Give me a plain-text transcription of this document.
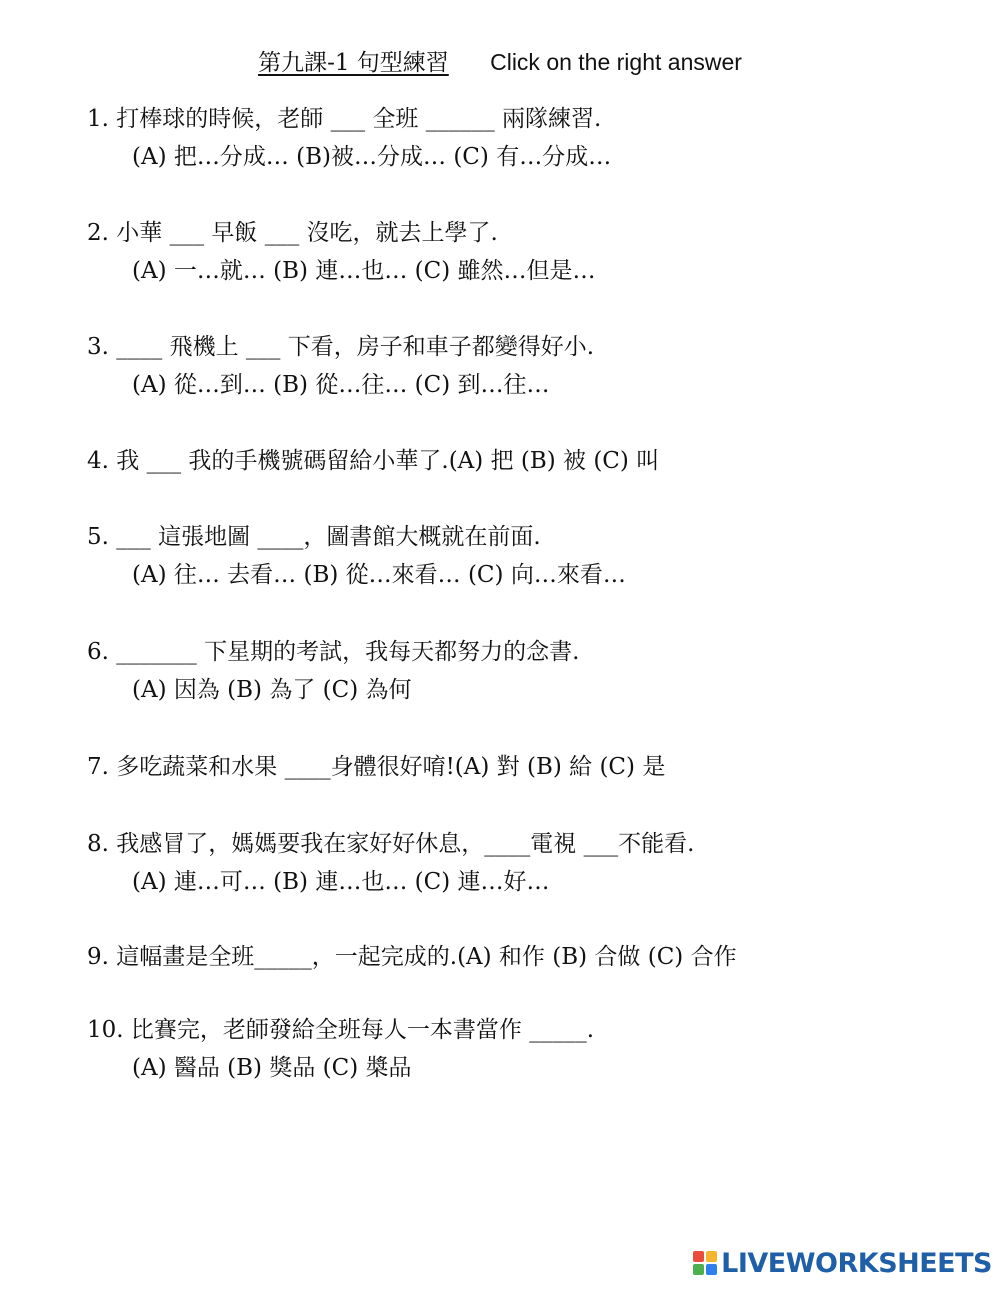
第九課-1 句型練習 Click on the right answer
1. 打棒球的時候，老師 ___ 全班 ______ 兩隊練習.
(A) 把…分成… (B)被…分成… (C) 有…分成…
2. 小華 ___ 早飯 ___ 沒吃，就去上學了.
(A) 一…就… (B) 連…也… (C) 雖然…但是…
3. ____ 飛機上 ___ 下看，房子和車子都變得好小.
(A) 從…到… (B) 從…往… (C) 到…往…
4. 我 ___ 我的手機號碼留給小華了.(A) 把 (B) 被 (C) 叫
5. ___ 這張地圖 ____，圖書館大概就在前面.
(A) 往… 去看… (B) 從…來看… (C) 向…來看…
6. _______ 下星期的考試，我每天都努力的念書.
(A) 因為 (B) 為了 (C) 為何
7. 多吃蔬菜和水果 ____身體很好唷!(A) 對 (B) 給 (C) 是
8. 我感冒了，媽媽要我在家好好休息，____電視 ___不能看.
(A) 連…可… (B) 連…也… (C) 連…好…
9. 這幅畫是全班_____，一起完成的.(A) 和作 (B) 合做 (C) 合作
10. 比賽完，老師發給全班每人一本書當作 _____.
(A) 醫品 (B) 獎品 (C) 槳品
LIVEWORKSHEETS
